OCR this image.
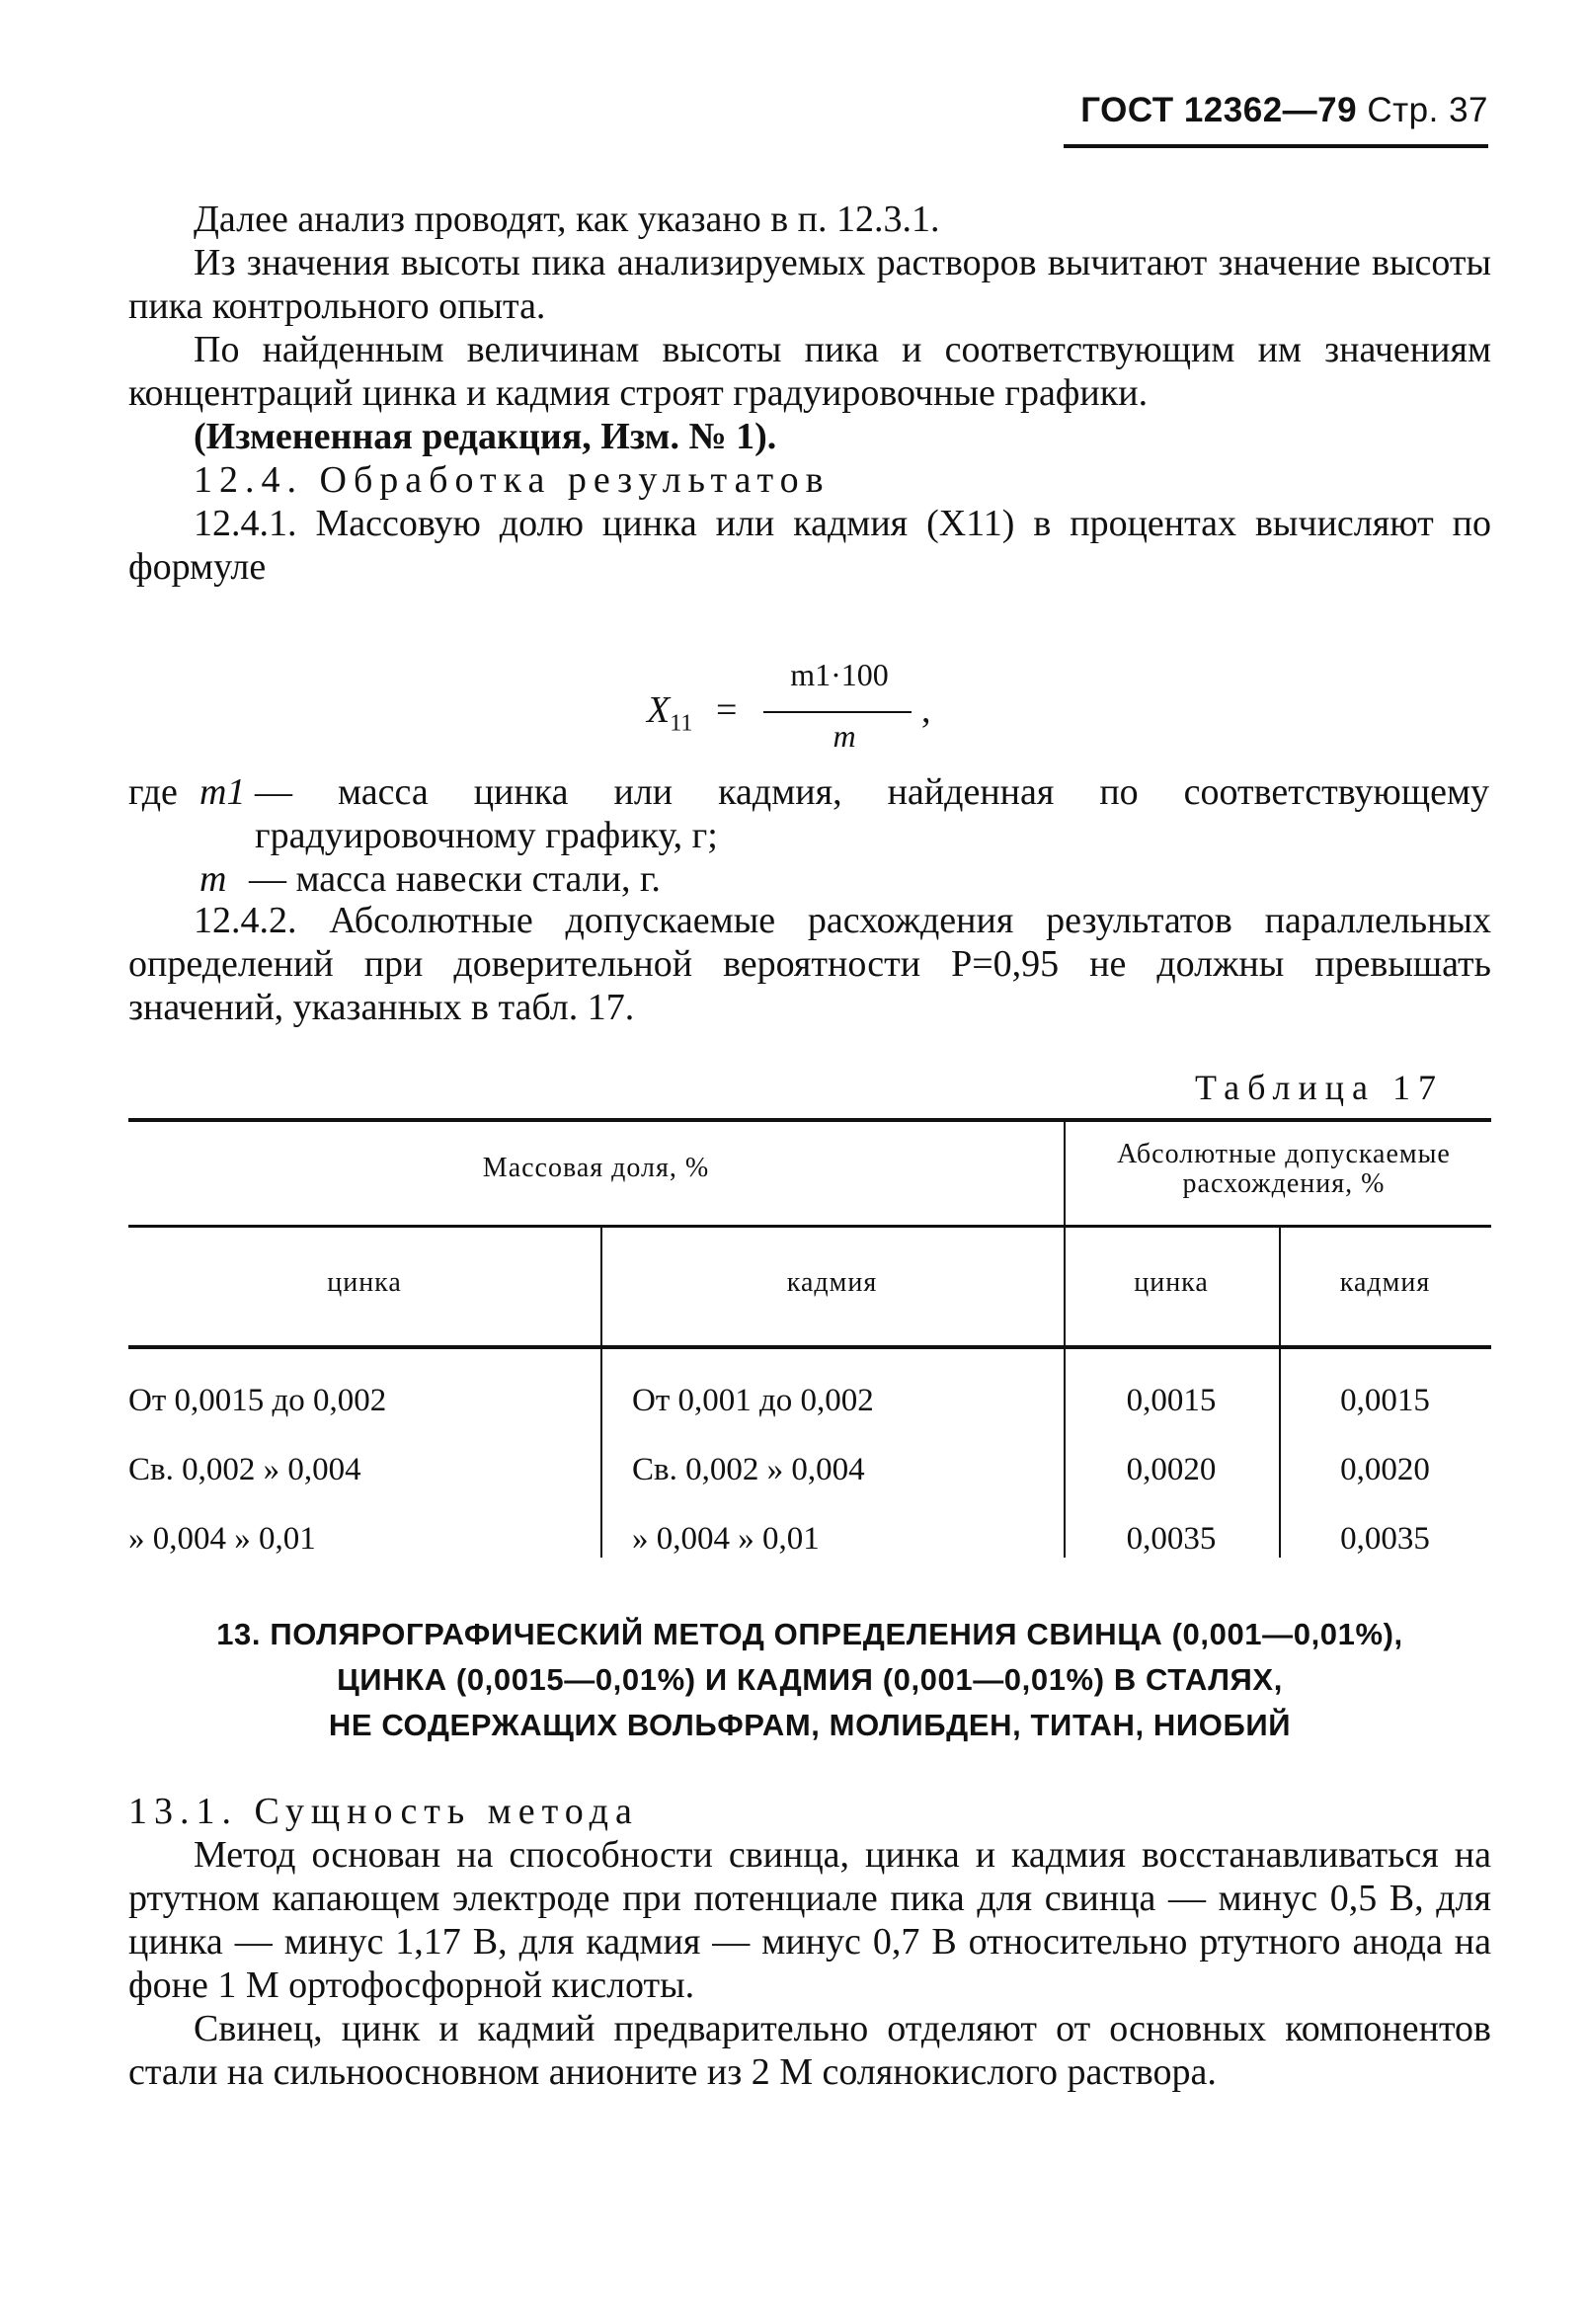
ГОСТ 12362—79 Стр. 37

Далее анализ проводят, как указано в п. 12.3.1.

Из значения высоты пика анализируемых растворов вычитают значение высоты пика контрольного опыта.

По найденным величинам высоты пика и соответствующим им значениям концентраций цинка и кадмия строят градуировочные графики.

(Измененная редакция, Изм. № 1).

12.4. Обработка результатов

12.4.1. Массовую долю цинка или кадмия (X11) в процентах вычисляют по формуле

$X_{11}$ =
m1·100
m
,
где m1 — масса цинка или кадмия, найденная по соответствующему градуировочному графику, г;
m — масса навески стали, г.

12.4.2. Абсолютные допускаемые расхождения результатов параллельных определений при доверительной вероятности Р=0,95 не должны превышать значений, указанных в табл. 17.

Таблица 17
Массовая доля, %	Абсолютные допускаемые расхождения, %
цинка	кадмия	цинка	кадмия
От 0,0015 до 0,002	От 0,001 до 0,002	0,0015	0,0015
Св. 0,002 » 0,004	Св. 0,002 » 0,004	0,0020	0,0020
» 0,004 » 0,01	» 0,004 » 0,01	0,0035	0,0035
13. ПОЛЯРОГРАФИЧЕСКИЙ МЕТОД ОПРЕДЕЛЕНИЯ СВИНЦА (0,001—0,01%),
ЦИНКА (0,0015—0,01%) И КАДМИЯ (0,001—0,01%) В СТАЛЯХ,
НЕ СОДЕРЖАЩИХ ВОЛЬФРАМ, МОЛИБДЕН, ТИТАН, НИОБИЙ

13.1. Сущность метода

Метод основан на способности свинца, цинка и кадмия восстанавливаться на ртутном капающем электроде при потенциале пика для свинца — минус 0,5 В, для цинка — минус 1,17 В, для кадмия — минус 0,7 В относительно ртутного анода на фоне 1 М ортофосфорной кислоты.

Свинец, цинк и кадмий предварительно отделяют от основных компонентов стали на сильноосновном анионите из 2 М солянокислого раствора.
